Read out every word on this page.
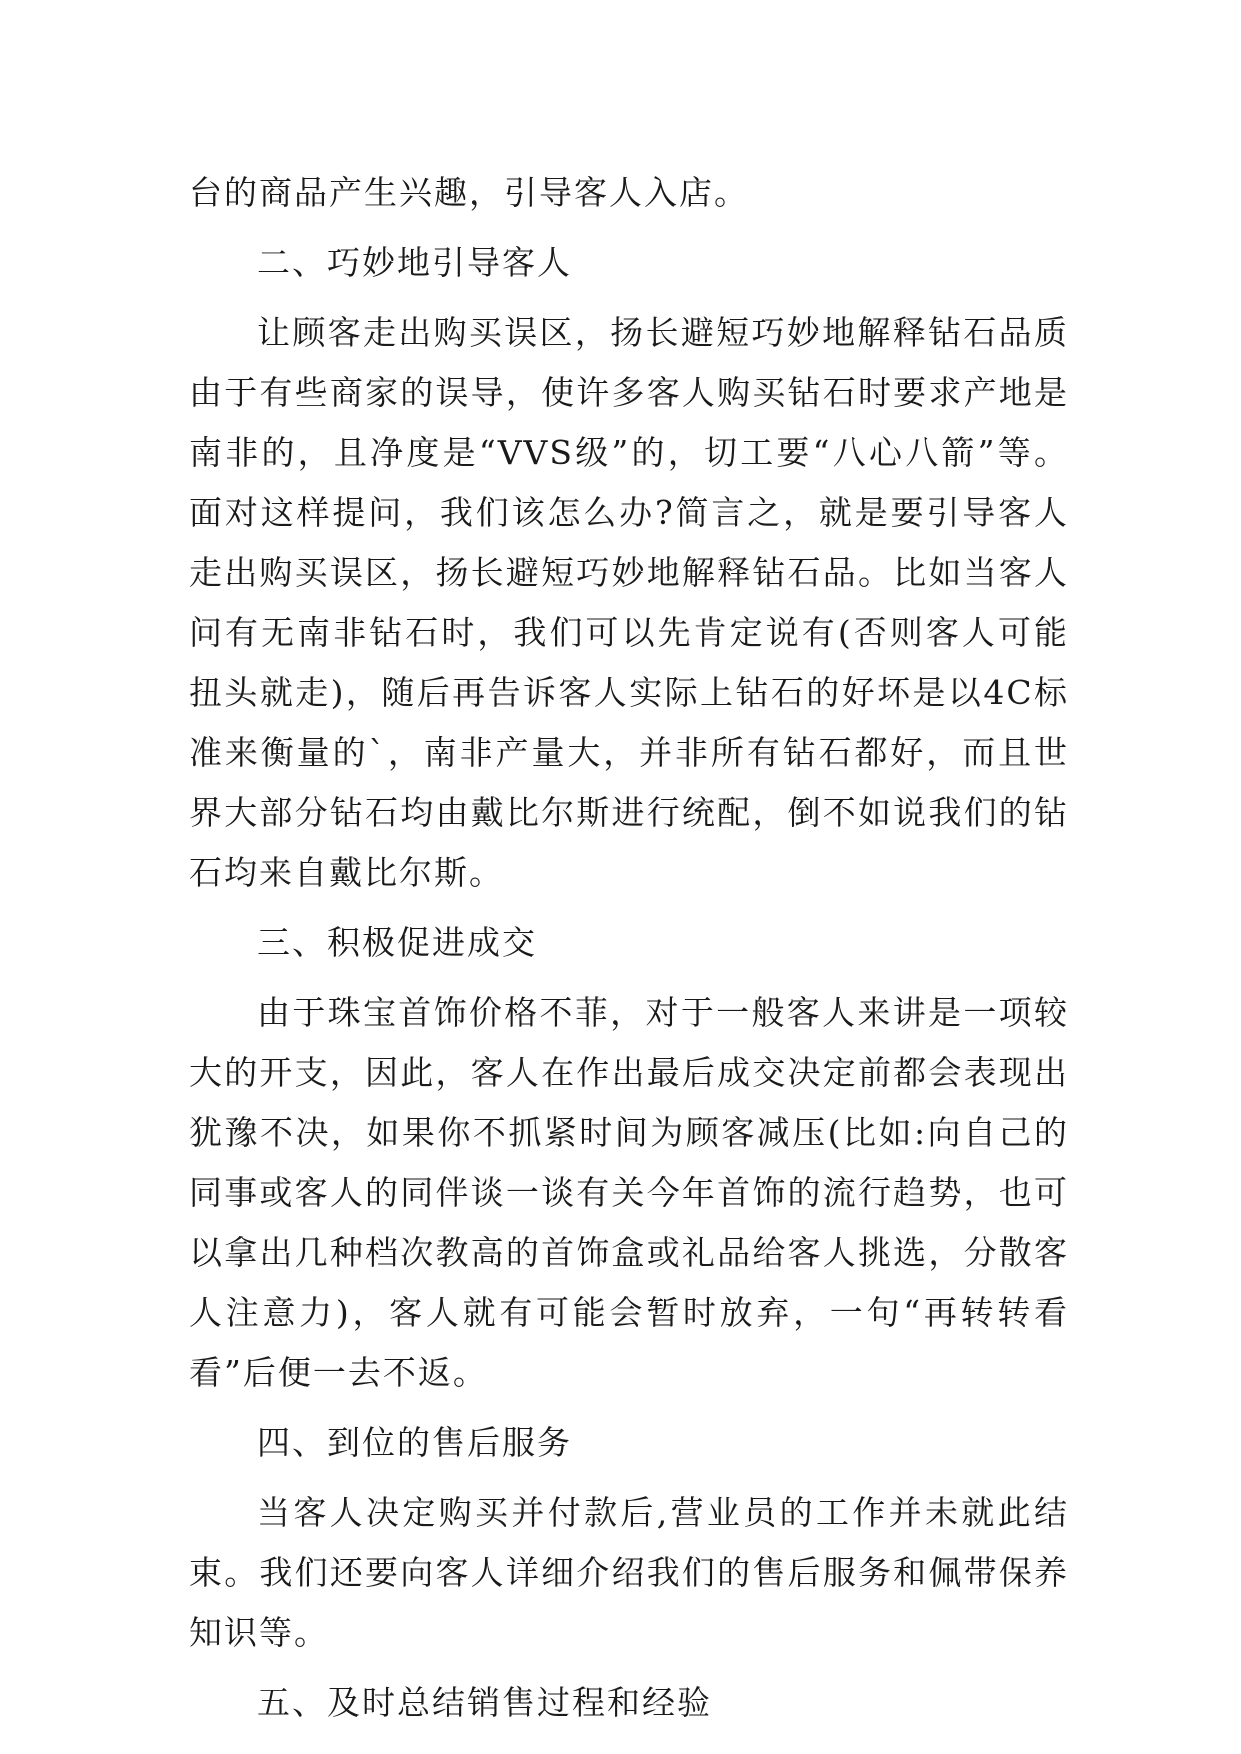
台的商品产生兴趣，引导客人入店。

二、巧妙地引导客人

让顾客走出购买误区，扬长避短巧妙地解释钻石品质由于有些商家的误导，使许多客人购买钻石时要求产地是南非的，且净度是“VVS级”的，切工要“八心八箭”等。面对这样提问，我们该怎么办?简言之，就是要引导客人走出购买误区，扬长避短巧妙地解释钻石品。比如当客人问有无南非钻石时，我们可以先肯定说有(否则客人可能扭头就走)，随后再告诉客人实际上钻石的好坏是以4C标准来衡量的`，南非产量大，并非所有钻石都好，而且世界大部分钻石均由戴比尔斯进行统配，倒不如说我们的钻石均来自戴比尔斯。

三、积极促进成交

由于珠宝首饰价格不菲，对于一般客人来讲是一项较大的开支，因此，客人在作出最后成交决定前都会表现出犹豫不决，如果你不抓紧时间为顾客减压(比如:向自己的同事或客人的同伴谈一谈有关今年首饰的流行趋势，也可以拿出几种档次教高的首饰盒或礼品给客人挑选，分散客人注意力)，客人就有可能会暂时放弃，一句“再转转看看”后便一去不返。

四、到位的售后服务

当客人决定购买并付款后,营业员的工作并未就此结束。我们还要向客人详细介绍我们的售后服务和佩带保养知识等。

五、及时总结销售过程和经验
